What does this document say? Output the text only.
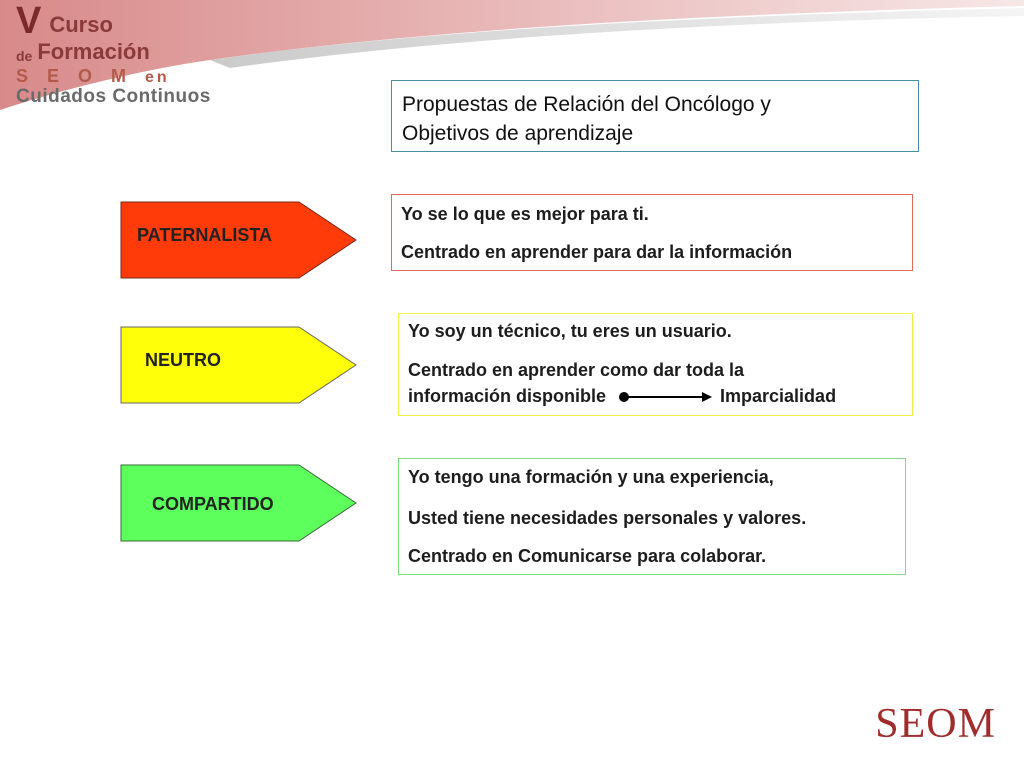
V Curso
de Formación
S E O M en
Cuidados Continuos	Propuestas de Relación del Oncólogo y
Objetivos de aprendizaje
PATERNALISTA
NEUTRO
COMPARTIDO
Yo se lo que es mejor para ti.
Centrado en aprender para dar la información
Yo soy un técnico, tu eres un usuario.
Centrado en aprender como dar toda la
información disponible	Imparcialidad
Yo tengo una formación y una experiencia,
Usted tiene necesidades personales y valores.
Centrado en Comunicarse para colaborar.
SEOM
